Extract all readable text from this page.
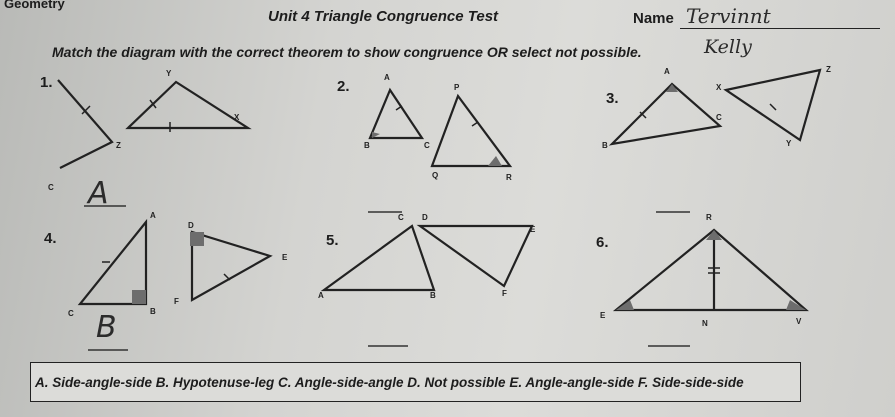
Geometry
Unit 4 Triangle Congruence Test	Name Tervinnt
Kelly
Match the diagram with the correct theorem to show congruence OR select not possible.
1.	2.
3.
4.	5.	6.
Y
X
Z
C
A
P
B	C
Q	R
A
B
C
X
Y
Z
A
D
E
C	B
F
C D
E
A	B	F
R
E
N	V
A
B
A. Side-angle-side B. Hypotenuse-leg C. Angle-side-angle D. Not possible E. Angle-angle-side F. Side-side-side
